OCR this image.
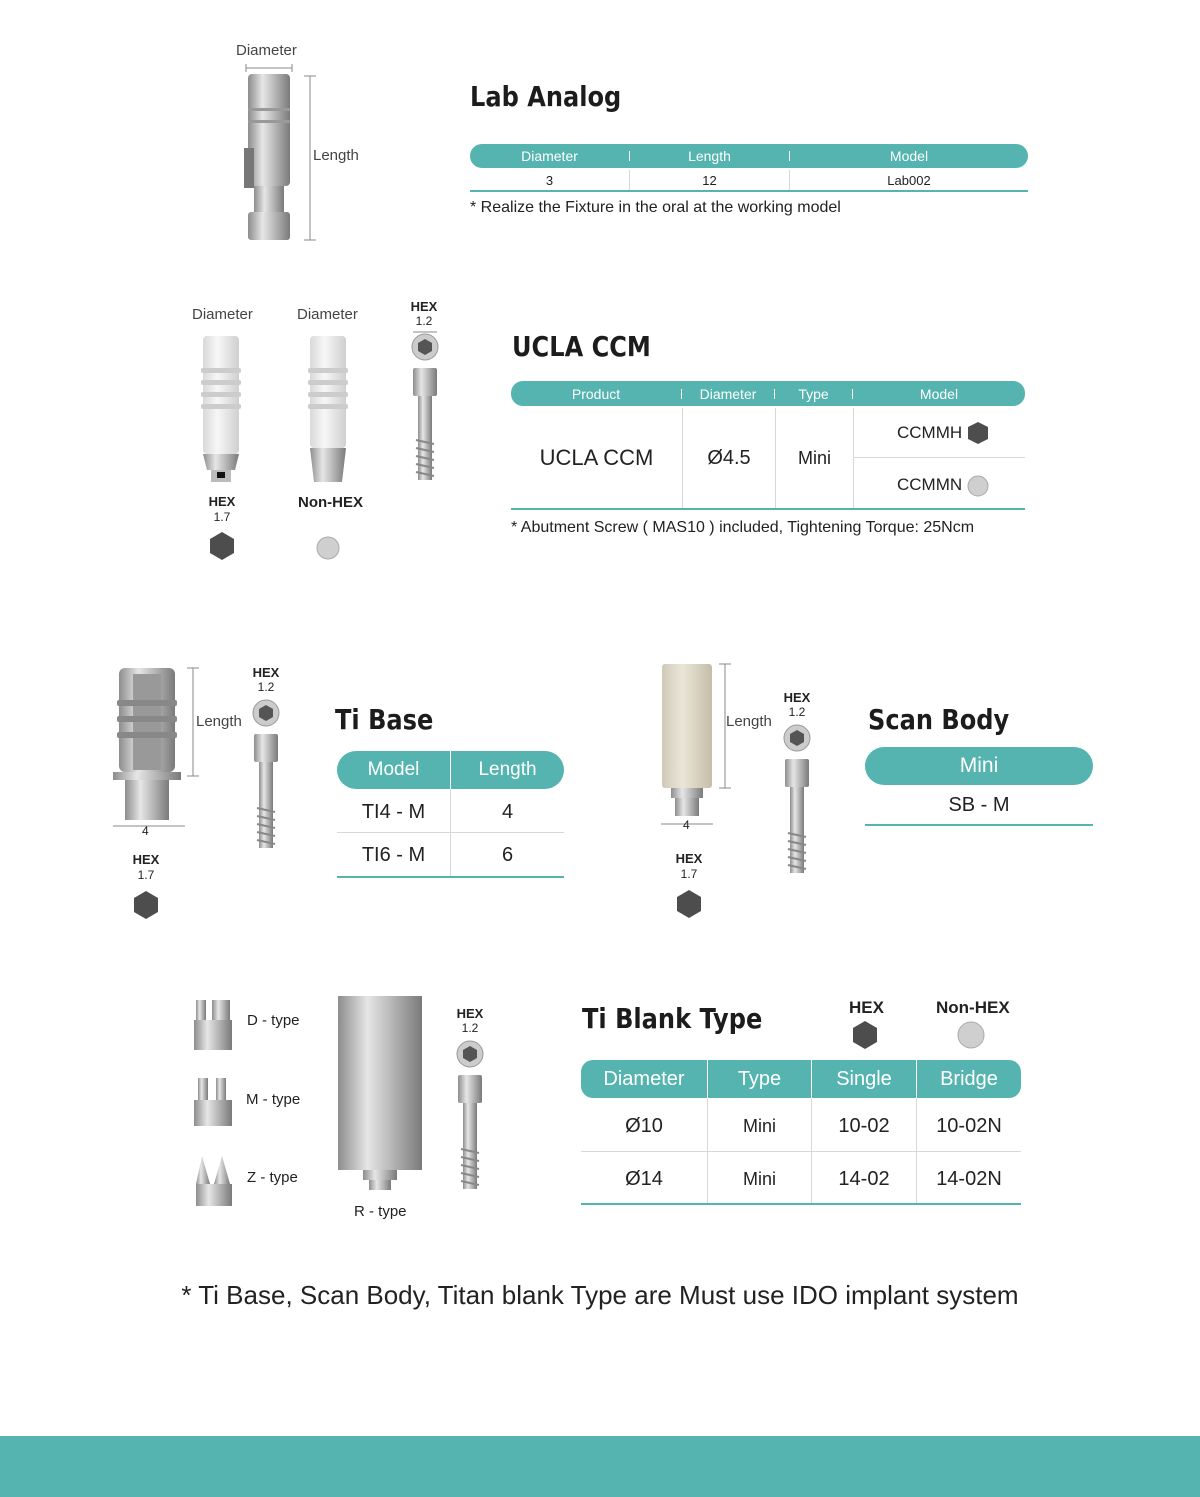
Diameter
Length
Lab Analog
Diameter	Length	Model
3	12	Lab002
* Realize the Fixture in the oral at the working model
Diameter	Diameter	HEX
1.2
HEX
1.7
Non-HEX
UCLA CCM
Product	Diameter	Type	Model
UCLA CCM	Ø4.5	Mini
CCMMH
CCMMN
* Abutment Screw ( MAS10 ) included, Tightening Torque: 25Ncm
Length
4
HEX
1.2
HEX
1.7
Ti Base
Model	Length
TI4 - M	4
TI6 - M	6
Length
4
HEX
1.2
HEX
1.7
Scan Body
Mini
SB - M
D - type
M - type
Z - type
R - type
HEX
1.2	Ti Blank Type	HEX	Non-HEX
Diameter	Type	Single	Bridge
Ø10	Mini	10-02	10-02N
Ø14	Mini	14-02	14-02N
* Ti Base, Scan Body, Titan blank Type are Must use IDO implant system
